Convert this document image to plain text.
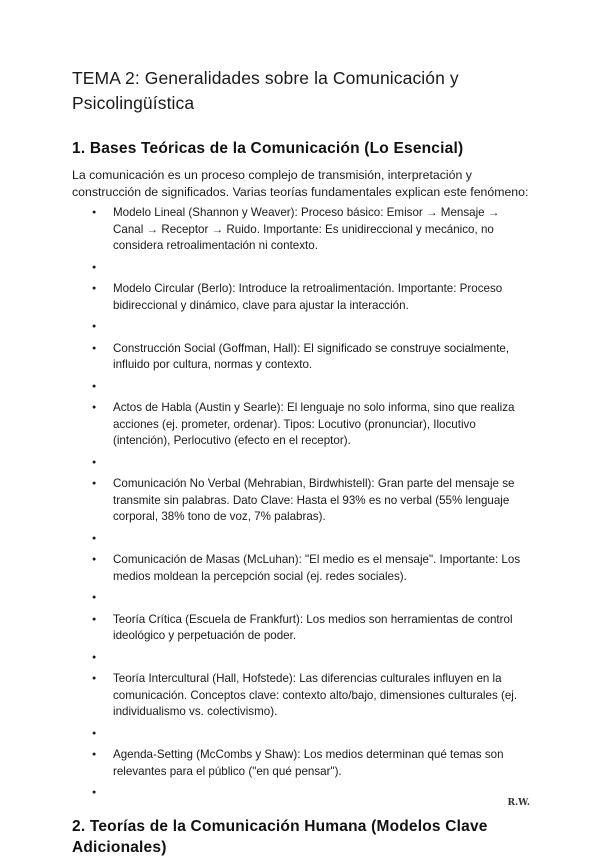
TEMA 2: Generalidades sobre la Comunicación y Psicolingüística
1. Bases Teóricas de la Comunicación (Lo Esencial)

La comunicación es un proceso complejo de transmisión, interpretación y construcción de significados. Varias teorías fundamentales explican este fenómeno:

● Modelo Lineal (Shannon y Weaver): Proceso básico: Emisor → Mensaje → Canal → Receptor → Ruido. Importante: Es unidireccional y mecánico, no considera retroalimentación ni contexto.
●
● Modelo Circular (Berlo): Introduce la retroalimentación. Importante: Proceso bidireccional y dinámico, clave para ajustar la interacción.
●
● Construcción Social (Goffman, Hall): El significado se construye socialmente, influido por cultura, normas y contexto.
●
● Actos de Habla (Austin y Searle): El lenguaje no solo informa, sino que realiza acciones (ej. prometer, ordenar). Tipos: Locutivo (pronunciar), Ilocutivo (intención), Perlocutivo (efecto en el receptor).
●
● Comunicación No Verbal (Mehrabian, Birdwhistell): Gran parte del mensaje se transmite sin palabras. Dato Clave: Hasta el 93% es no verbal (55% lenguaje corporal, 38% tono de voz, 7% palabras).
●
● Comunicación de Masas (McLuhan): "El medio es el mensaje". Importante: Los medios moldean la percepción social (ej. redes sociales).
●
● Teoría Crítica (Escuela de Frankfurt): Los medios son herramientas de control ideológico y perpetuación de poder.
●
● Teoría Intercultural (Hall, Hofstede): Las diferencias culturales influyen en la comunicación. Conceptos clave: contexto alto/bajo, dimensiones culturales (ej. individualismo vs. colectivismo).
●
● Agenda-Setting (McCombs y Shaw): Los medios determinan qué temas son relevantes para el público ("en qué pensar").
●
2. Teorías de la Comunicación Humana (Modelos Clave Adicionales)
R.W.
